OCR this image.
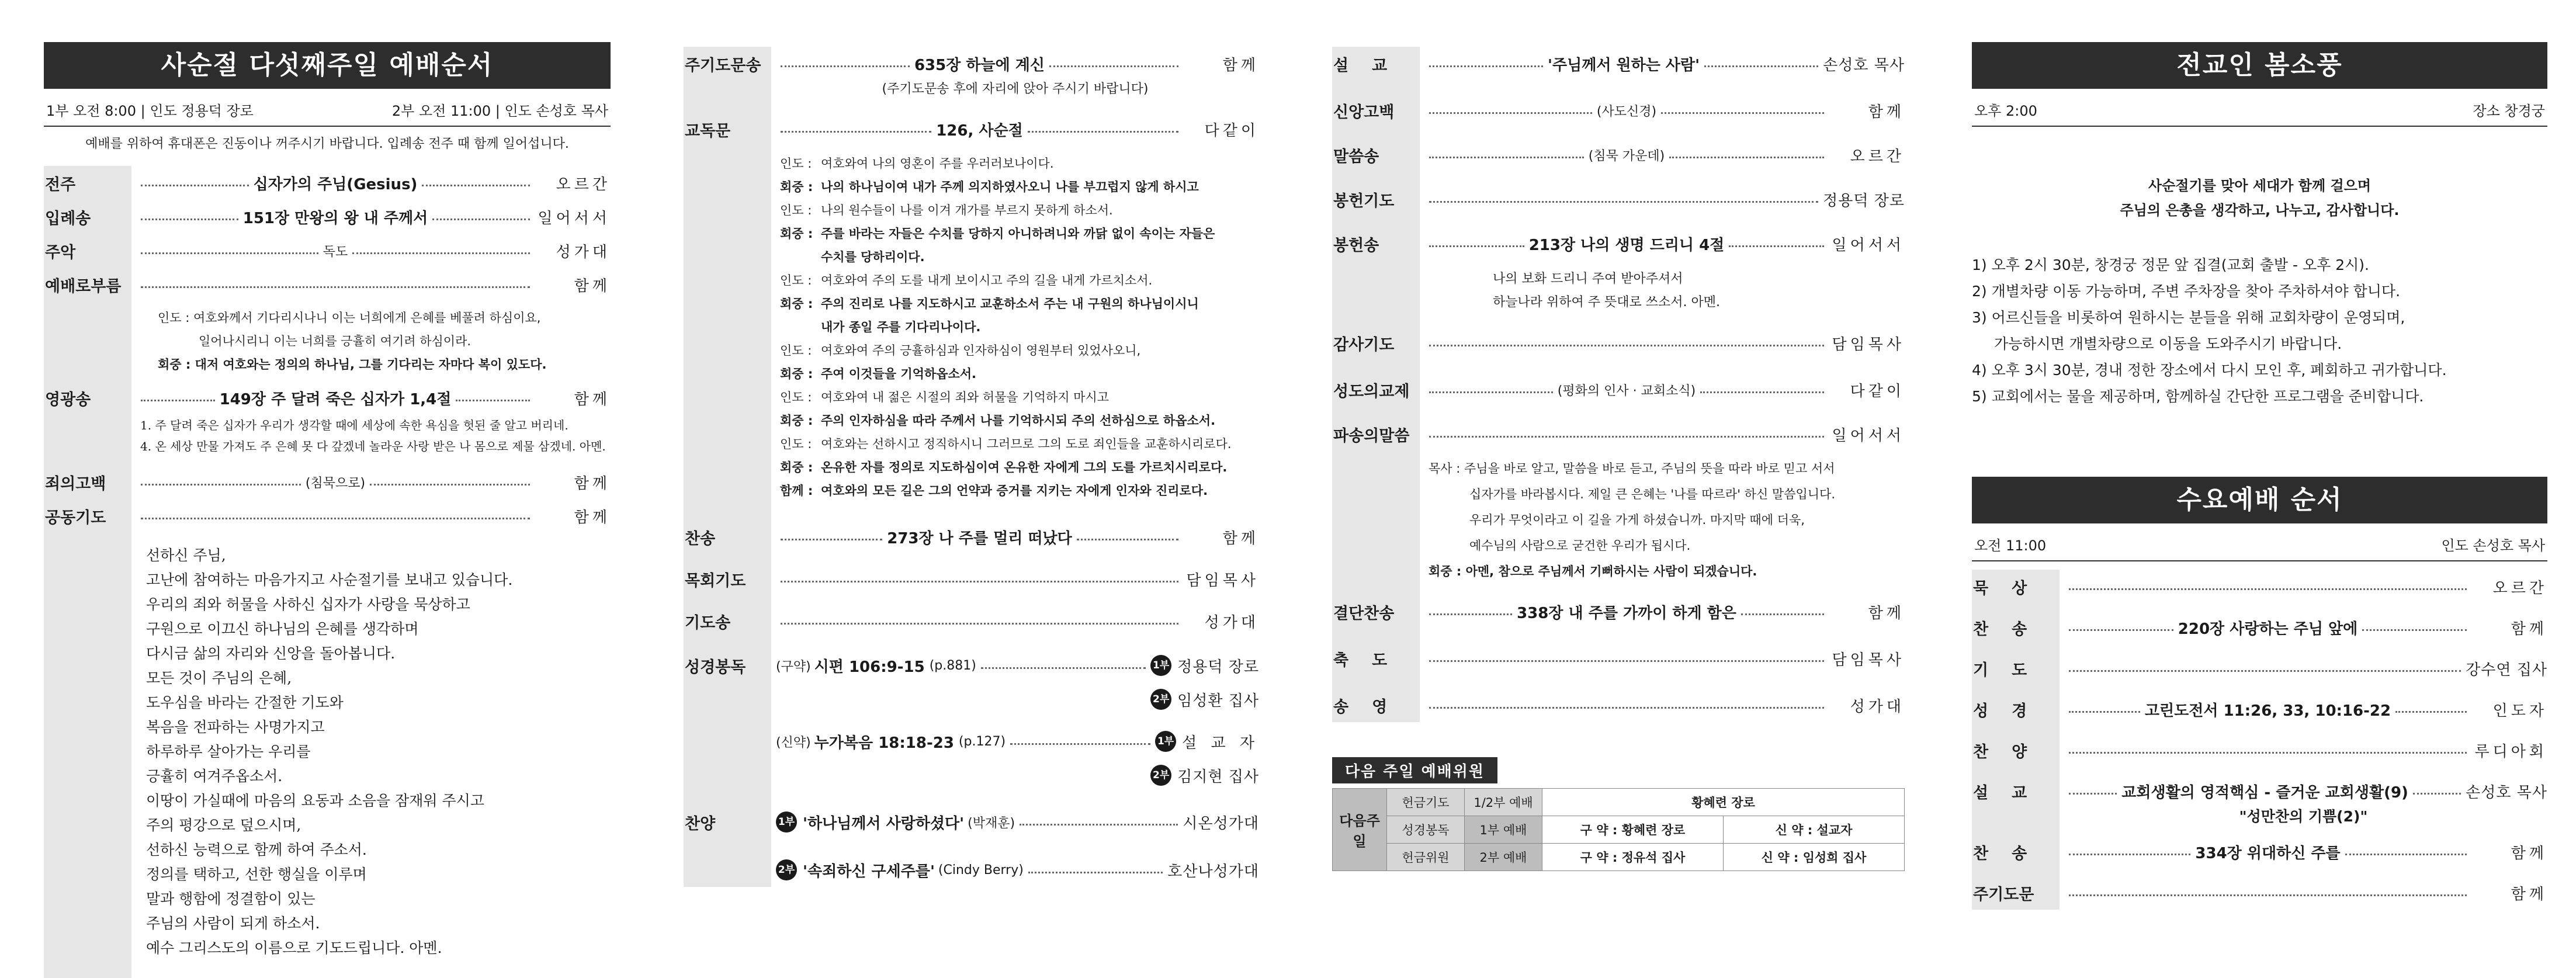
사순절 다섯째주일 예배순서
1부 오전 8:00 | 인도 정용덕 장로	2부 오전 11:00 | 인도 손성호 목사
예배를 위하여 휴대폰은 진동이나 꺼주시기 바랍니다. 입례송 전주 때 함께 일어섭니다.
전주	십자가의 주님(Gesius)	오르간
입례송	151장 만왕의 왕 내 주께서	일어서서
주악	독도	성가대
예배로부름	함께
인도 : 여호와께서 기다리시나니 이는 너희에게 은혜를 베풀려 하심이요,
일어나시리니 이는 너희를 긍휼히 여기려 하심이라.
회중 : 대저 여호와는 정의의 하나님, 그를 기다리는 자마다 복이 있도다.
영광송	149장 주 달려 죽은 십자가 1,4절	함께
1. 주 달려 죽은 십자가 우리가 생각할 때에 세상에 속한 욕심을 헛된 줄 알고 버리네.
4. 온 세상 만물 가져도 주 은혜 못 다 갚겠네 놀라운 사랑 받은 나 몸으로 제물 삼겠네. 아멘.
죄의고백	(침묵으로)	함께
공동기도	함께
선하신 주님,
고난에 참여하는 마음가지고 사순절기를 보내고 있습니다.
우리의 죄와 허물을 사하신 십자가 사랑을 묵상하고
구원으로 이끄신 하나님의 은혜를 생각하며
다시금 삶의 자리와 신앙을 돌아봅니다.
모든 것이 주님의 은혜,
도우심을 바라는 간절한 기도와
복음을 전파하는 사명가지고
하루하루 살아가는 우리를
긍휼히 여겨주옵소서.
이땅이 가실때에 마음의 요동과 소음을 잠재워 주시고
주의 평강으로 덮으시며,
선하신 능력으로 함께 하여 주소서.
정의를 택하고, 선한 행실을 이루며
말과 행함에 정결함이 있는
주님의 사람이 되게 하소서.
예수 그리스도의 이름으로 기도드립니다. 아멘.
주기도문송	635장 하늘에 계신	함께
(주기도문송 후에 자리에 앉아 주시기 바랍니다)
교독문	126, 사순절	다같이
인도 : 여호와여 나의 영혼이 주를 우러러보나이다.
회중 : 나의 하나님이여 내가 주께 의지하였사오니 나를 부끄럽지 않게 하시고
인도 : 나의 원수들이 나를 이겨 개가를 부르지 못하게 하소서.
회중 : 주를 바라는 자들은 수치를 당하지 아니하려니와 까닭 없이 속이는 자들은
수치를 당하리이다.
인도 : 여호와여 주의 도를 내게 보이시고 주의 길을 내게 가르치소서.
회중 : 주의 진리로 나를 지도하시고 교훈하소서 주는 내 구원의 하나님이시니
내가 종일 주를 기다리나이다.
인도 : 여호와여 주의 긍휼하심과 인자하심이 영원부터 있었사오니,
회중 : 주여 이것들을 기억하옵소서.
인도 : 여호와여 내 젊은 시절의 죄와 허물을 기억하지 마시고
회중 : 주의 인자하심을 따라 주께서 나를 기억하시되 주의 선하심으로 하옵소서.
인도 : 여호와는 선하시고 정직하시니 그러므로 그의 도로 죄인들을 교훈하시리로다.
회중 : 온유한 자를 정의로 지도하심이여 온유한 자에게 그의 도를 가르치시리로다.
함께 : 여호와의 모든 길은 그의 언약과 증거를 지키는 자에게 인자와 진리로다.
찬송	273장 나 주를 멀리 떠났다	함께
목회기도	담임목사
기도송	성가대
성경봉독	(구약) 시편 106:9-15 (p.881)	1부 정용덕 장로
2부 임성환 집사
(신약) 누가복음 18:18-23 (p.127)	1부 설 교 자
2부 김지현 집사
찬양	1부 '하나님께서 사랑하셨다' (박재훈)	시온성가대
2부 '속죄하신 구세주를' (Cindy Berry)	호산나성가대
설교	'주님께서 원하는 사람'	손성호 목사
신앙고백	(사도신경)	함께
말씀송	(침묵 가운데)	오르간
봉헌기도	정용덕 장로
봉헌송	213장 나의 생명 드리니 4절	일어서서
나의 보화 드리니 주여 받아주셔서
하늘나라 위하여 주 뜻대로 쓰소서. 아멘.
감사기도	담임목사
성도의교제	(평화의 인사 · 교회소식)	다같이
파송의말씀	일어서서
목사 : 주님을 바로 알고, 말씀을 바로 듣고, 주님의 뜻을 따라 바로 믿고 서서
십자가를 바라봅시다. 제일 큰 은혜는 '나를 따르라' 하신 말씀입니다.
우리가 무엇이라고 이 길을 가게 하셨습니까. 마지막 때에 더욱,
예수님의 사람으로 굳건한 우리가 됩시다.
회중 : 아멘, 참으로 주님께서 기뻐하시는 사람이 되겠습니다.
결단찬송	338장 내 주를 가까이 하게 함은	함께
축도	담임목사
송영	성가대
다음 주일 예배위원
다음주일	헌금기도	1/2부 예배	황혜련 장로	
	성경봉독	1부 예배	구 약 : 황혜련 장로	신 약 : 설교자
	헌금위원	2부 예배	구 약 : 정유석 집사	신 약 : 임성희 집사
전교인 봄소풍
오후 2:00	장소 창경궁
사순절기를 맞아 세대가 함께 걸으며
주님의 은총을 생각하고, 나누고, 감사합니다.
1) 오후 2시 30분, 창경궁 정문 앞 집결(교회 출발 - 오후 2시).
2) 개별차량 이동 가능하며, 주변 주차장을 찾아 주차하셔야 합니다.
3) 어르신들을 비롯하여 원하시는 분들을 위해 교회차량이 운영되며,
가능하시면 개별차량으로 이동을 도와주시기 바랍니다.
4) 오후 3시 30분, 경내 정한 장소에서 다시 모인 후, 폐회하고 귀가합니다.
5) 교회에서는 물을 제공하며, 함께하실 간단한 프로그램을 준비합니다.
수요예배 순서
오전 11:00	인도 손성호 목사
묵상	오르간
찬송	220장 사랑하는 주님 앞에	함께
기도	강수연 집사
성경	고린도전서 11:26, 33, 10:16-22	인도자
찬양	루디아회
설교	교회생활의 영적핵심 - 즐거운 교회생활(9)	손성호 목사
"성만찬의 기쁨(2)"
찬송	334장 위대하신 주를	함께
주기도문	함께
